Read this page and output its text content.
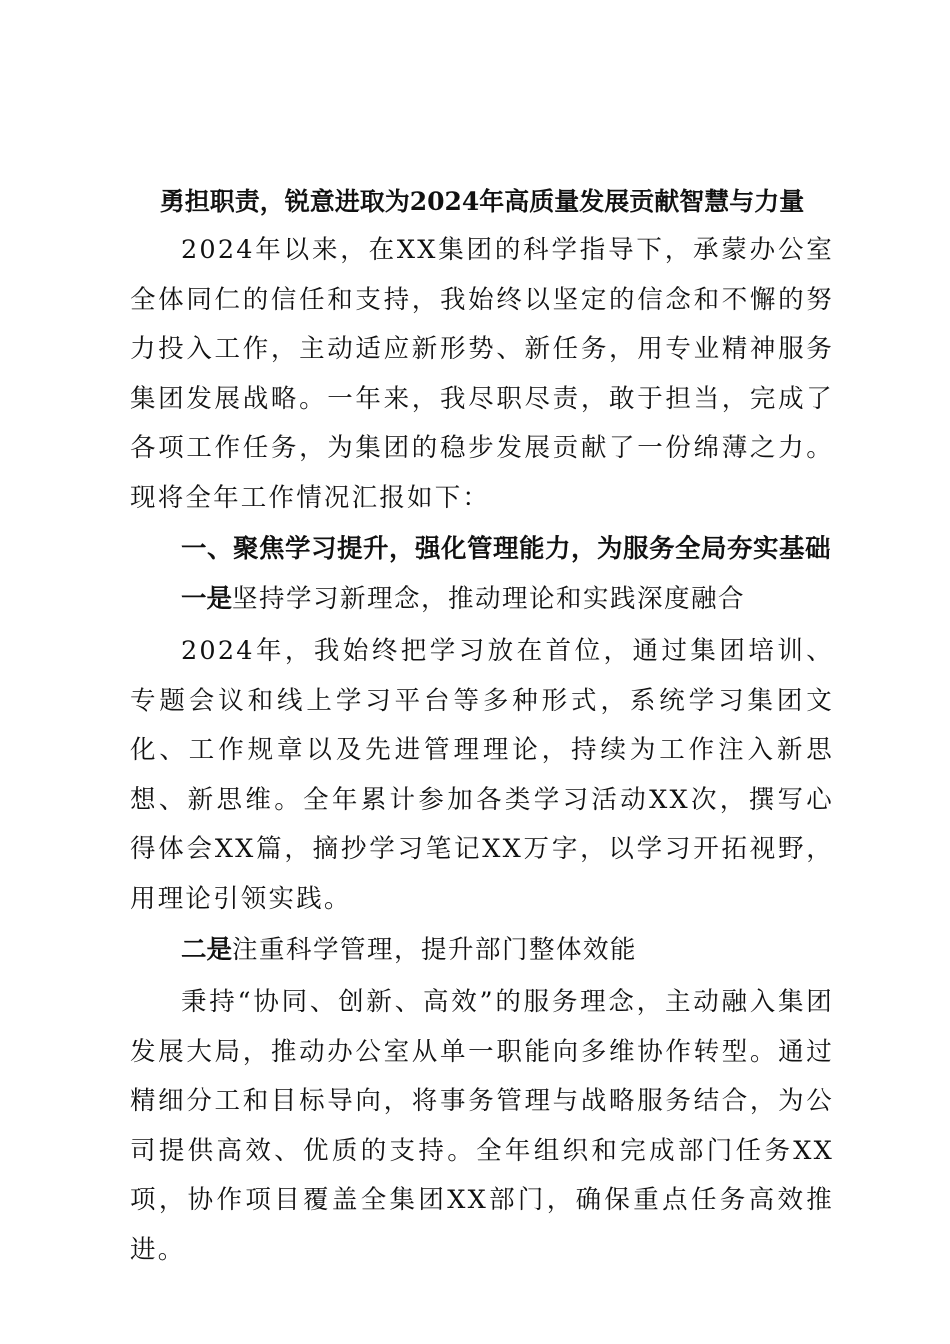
勇担职责，锐意进取为2024年高质量发展贡献智慧与力量

2024年以来，在XX集团的科学指导下，承蒙办公室全体同仁的信任和支持，我始终以坚定的信念和不懈的努力投入工作，主动适应新形势、新任务，用专业精神服务集团发展战略。一年来，我尽职尽责，敢于担当，完成了各项工作任务，为集团的稳步发展贡献了一份绵薄之力。现将全年工作情况汇报如下：

一、聚焦学习提升，强化管理能力，为服务全局夯实基础

一是坚持学习新理念，推动理论和实践深度融合

2024年，我始终把学习放在首位，通过集团培训、专题会议和线上学习平台等多种形式，系统学习集团文化、工作规章以及先进管理理论，持续为工作注入新思想、新思维。全年累计参加各类学习活动XX次，撰写心得体会XX篇，摘抄学习笔记XX万字，以学习开拓视野，用理论引领实践。

二是注重科学管理，提升部门整体效能

秉持“协同、创新、高效”的服务理念，主动融入集团发展大局，推动办公室从单一职能向多维协作转型。通过精细分工和目标导向，将事务管理与战略服务结合，为公司提供高效、优质的支持。全年组织和完成部门任务XX项，协作项目覆盖全集团XX部门，确保重点任务高效推进。
